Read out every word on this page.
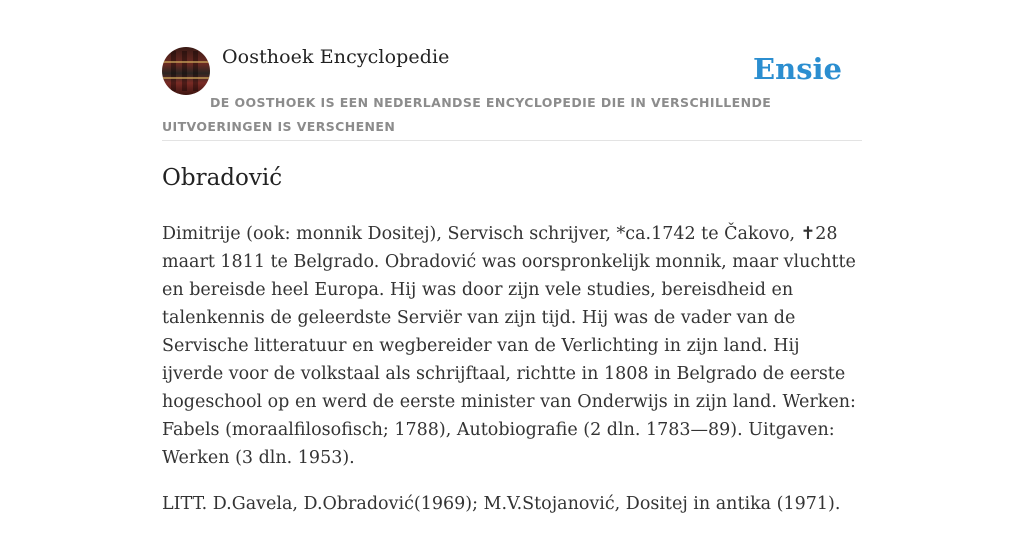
Oosthoek Encyclopedie	Ensie
DE OOSTHOEK IS EEN NEDERLANDSE ENCYCLOPEDIE DIE IN VERSCHILLENDE UITVOERINGEN IS VERSCHENEN
Obradović

Dimitrije (ook: monnik Dositej), Servisch schrijver, *ca.1742 te Čakovo, ✝28 maart 1811 te Belgrado. Obradović was oorspronkelijk monnik, maar vluchtte en bereisde heel Europa. Hij was door zijn vele studies, bereisdheid en talenkennis de geleerdste Serviër van zijn tijd. Hij was de vader van de Servische litteratuur en wegbereider van de Verlichting in zijn land. Hij ijverde voor de volkstaal als schrijftaal, richtte in 1808 in Belgrado de eerste hogeschool op en werd de eerste minister van Onderwijs in zijn land. Werken: Fabels (moraalfilosofisch; 1788), Autobiografie (2 dln. 1783—89). Uitgaven: Werken (3 dln. 1953).

LITT. D.Gavela, D.Obradović(1969); M.V.Stojanović, Dositej in antika (1971).
